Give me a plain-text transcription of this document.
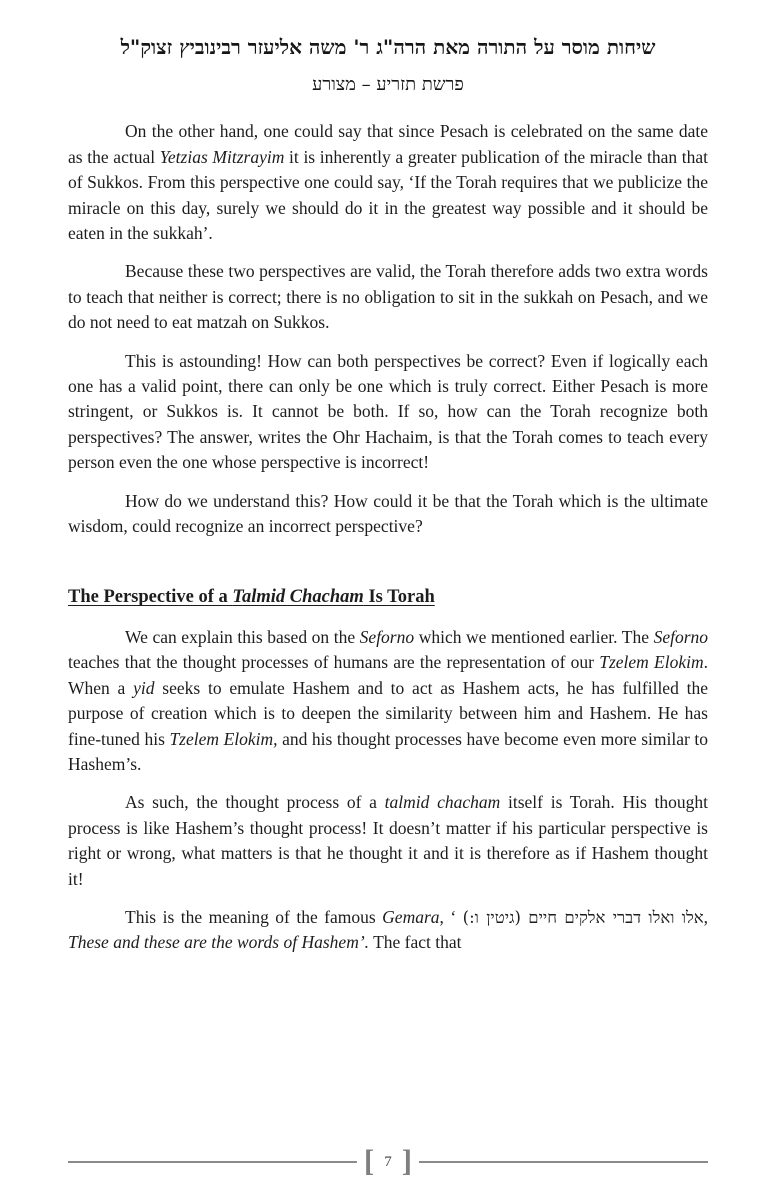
שיחות מוסר על התורה מאת הרה"ג ר' משה אליעזר רבינוביץ זצוק"ל
פרשת תזריע – מצורע

On the other hand, one could say that since Pesach is celebrated on the same date as the actual Yetzias Mitzrayim it is inherently a greater publication of the miracle than that of Sukkos. From this perspective one could say, ‘If the Torah requires that we publicize the miracle on this day, surely we should do it in the greatest way possible and it should be eaten in the sukkah’.

Because these two perspectives are valid, the Torah therefore adds two extra words to teach that neither is correct; there is no obligation to sit in the sukkah on Pesach, and we do not need to eat matzah on Sukkos.

This is astounding! How can both perspectives be correct? Even if logically each one has a valid point, there can only be one which is truly correct. Either Pesach is more stringent, or Sukkos is. It cannot be both. If so, how can the Torah recognize both perspectives? The answer, writes the Ohr Hachaim, is that the Torah comes to teach every person even the one whose perspective is incorrect!

How do we understand this? How could it be that the Torah which is the ultimate wisdom, could recognize an incorrect perspective?

The Perspective of a Talmid Chacham Is Torah

We can explain this based on the Seforno which we mentioned earlier. The Seforno teaches that the thought processes of humans are the representation of our Tzelem Elokim. When a yid seeks to emulate Hashem and to act as Hashem acts, he has fulfilled the purpose of creation which is to deepen the similarity between him and Hashem. He has fine-tuned his Tzelem Elokim, and his thought processes have become even more similar to Hashem’s.

As such, the thought process of a talmid chacham itself is Torah. His thought process is like Hashem’s thought process! It doesn’t matter if his particular perspective is right or wrong, what matters is that he thought it and it is therefore as if Hashem thought it!

This is the meaning of the famous Gemara, ‘ אלו ואלו דברי אלקים חיים (גיטין ו:), These and these are the words of Hashem’. The fact that

[ 7 ]
